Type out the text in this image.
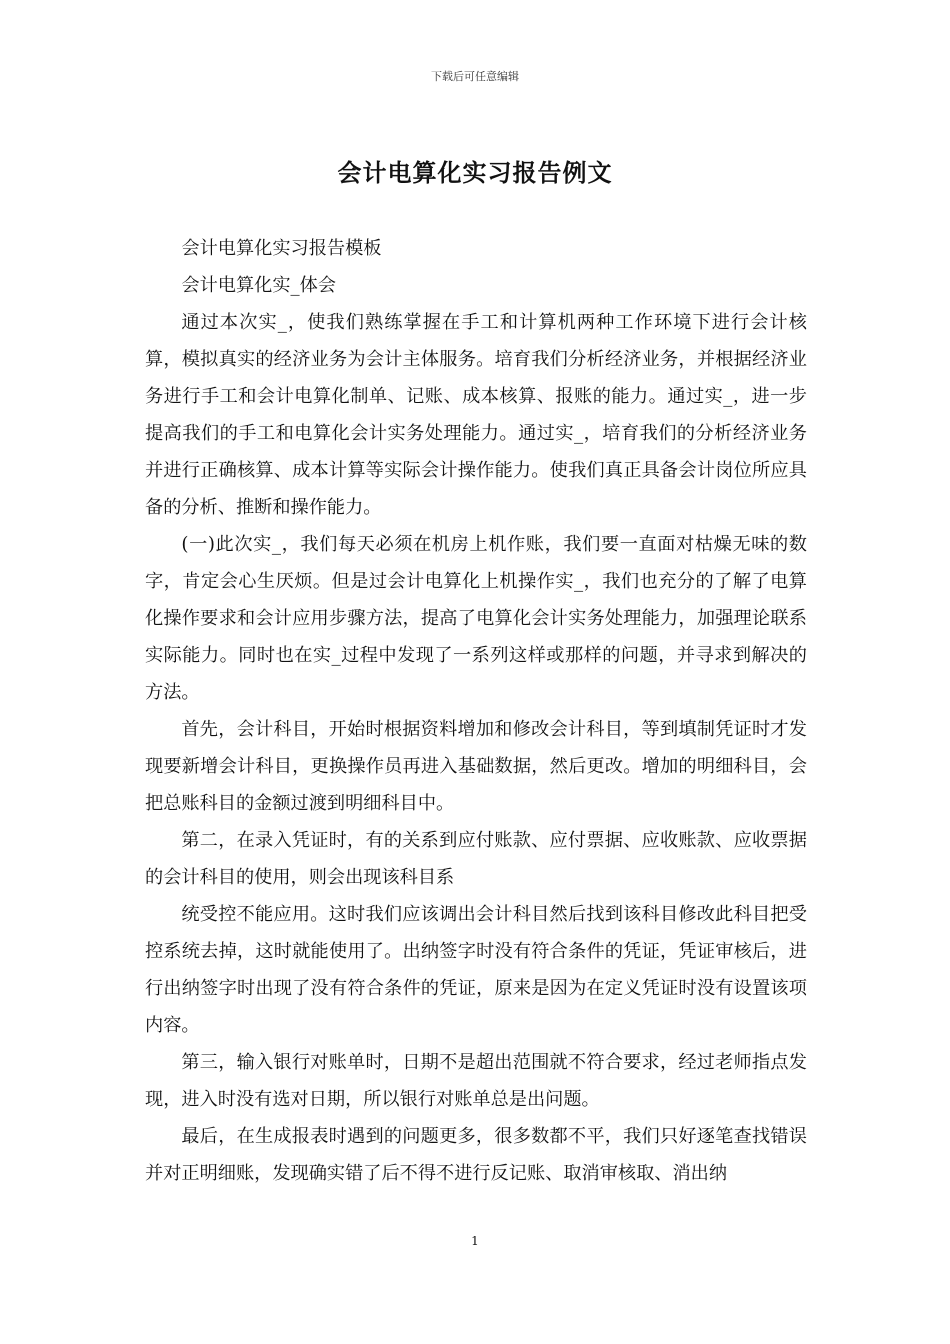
下载后可任意编辑
会计电算化实习报告例文

会计电算化实习报告模板

会计电算化实_体会

通过本次实_，使我们熟练掌握在手工和计算机两种工作环境下进行会计核算，模拟真实的经济业务为会计主体服务。培育我们分析经济业务，并根据经济业务进行手工和会计电算化制单、记账、成本核算、报账的能力。通过实_，进一步提高我们的手工和电算化会计实务处理能力。通过实_，培育我们的分析经济业务并进行正确核算、成本计算等实际会计操作能力。使我们真正具备会计岗位所应具备的分析、推断和操作能力。

(一)此次实_，我们每天必须在机房上机作账，我们要一直面对枯燥无味的数字，肯定会心生厌烦。但是过会计电算化上机操作实_，我们也充分的了解了电算化操作要求和会计应用步骤方法，提高了电算化会计实务处理能力，加强理论联系实际能力。同时也在实_过程中发现了一系列这样或那样的问题，并寻求到解决的方法。

首先，会计科目，开始时根据资料增加和修改会计科目，等到填制凭证时才发现要新增会计科目，更换操作员再进入基础数据，然后更改。增加的明细科目，会把总账科目的金额过渡到明细科目中。

第二，在录入凭证时，有的关系到应付账款、应付票据、应收账款、应收票据的会计科目的使用，则会出现该科目系

统受控不能应用。这时我们应该调出会计科目然后找到该科目修改此科目把受控系统去掉，这时就能使用了。出纳签字时没有符合条件的凭证，凭证审核后，进行出纳签字时出现了没有符合条件的凭证，原来是因为在定义凭证时没有设置该项内容。

第三，输入银行对账单时，日期不是超出范围就不符合要求，经过老师指点发现，进入时没有选对日期，所以银行对账单总是出问题。

最后，在生成报表时遇到的问题更多，很多数都不平，我们只好逐笔查找错误并对正明细账，发现确实错了后不得不进行反记账、取消审核取、消出纳

1
